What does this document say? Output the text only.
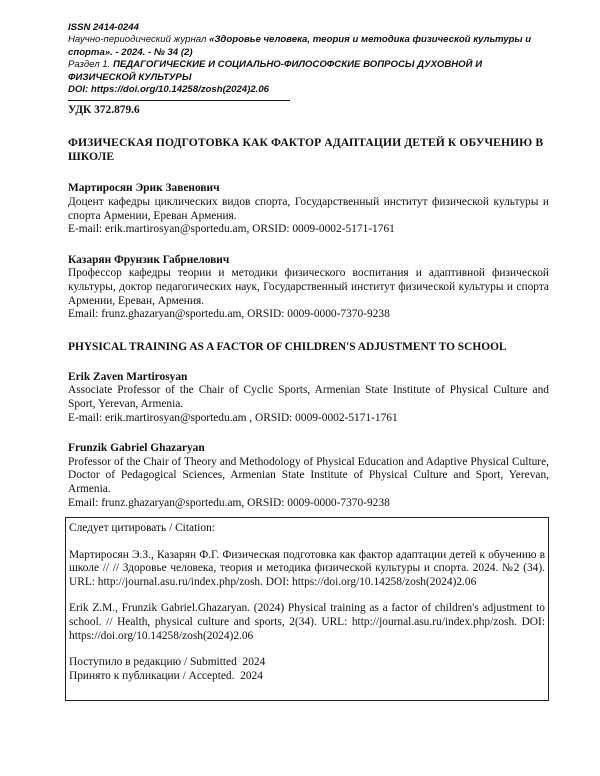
ISSN 2414-0244
Научно-периодический журнал «Здоровье человека, теория и методика физической культуры и спорта». - 2024. - № 34 (2)
Раздел 1. ПЕДАГОГИЧЕСКИЕ И СОЦИАЛЬНО-ФИЛОСОФСКИЕ ВОПРОСЫ ДУХОВНОЙ И ФИЗИЧЕСКОЙ КУЛЬТУРЫ
DOI: https://doi.org/10.14258/zosh(2024)2.06
УДК 372.879.6
ФИЗИЧЕСКАЯ ПОДГОТОВКА КАК ФАКТОР АДАПТАЦИИ ДЕТЕЙ К ОБУЧЕНИЮ В ШКОЛЕ
Мартиросян Эрик Завенович
Доцент кафедры циклических видов спорта, Государственный институт физической культуры и спорта Армении, Ереван Армения.
E-mail: erik.martirosyan@sportedu.am, ORSID: 0009-0002-5171-1761
Казарян Фрунзик Габриелович
Профессор кафедры теории и методики физического воспитания и адаптивной физической культуры, доктор педагогических наук, Государственный институт физической культуры и спорта Армении, Ереван, Армения.
Email: frunz.ghazaryan@sportedu.am, ORSID: 0009-0000-7370-9238
PHYSICAL TRAINING AS A FACTOR OF CHILDREN'S ADJUSTMENT TO SCHOOL
Erik Zaven Martirosyan
Associate Professor of the Chair of Cyclic Sports, Armenian State Institute of Physical Culture and Sport, Yerevan, Armenia.
E-mail: erik.martirosyan@sportedu.am , ORSID: 0009-0002-5171-1761
Frunzik Gabriel Ghazaryan
Professor of the Chair of Theory and Methodology of Physical Education and Adaptive Physical Culture, Doctor of Pedagogical Sciences, Armenian State Institute of Physical Culture and Sport, Yerevan, Armenia.
Email: frunz.ghazaryan@sportedu.am, ORSID: 0009-0000-7370-9238

Следует цитировать / Citation:

Мартиросян Э.З., Казарян Ф.Г. Физическая подготовка как фактор адаптации детей к обучению в школе // // Здоровье человека, теория и методика физической культуры и спорта. 2024. №2 (34). URL: http://journal.asu.ru/index.php/zosh. DOI: https://doi.org/10.14258/zosh(2024)2.06

Erik Z.M., Frunzik Gabriel.Ghazaryan. (2024) Physical training as a factor of children's adjustment to school. // Health, physical culture and sports, 2(34). URL: http://journal.asu.ru/index.php/zosh. DOI: https://doi.org/10.14258/zosh(2024)2.06

Поступило в редакцию / Submitted  2024

Принято к публикации / Accepted.  2024
